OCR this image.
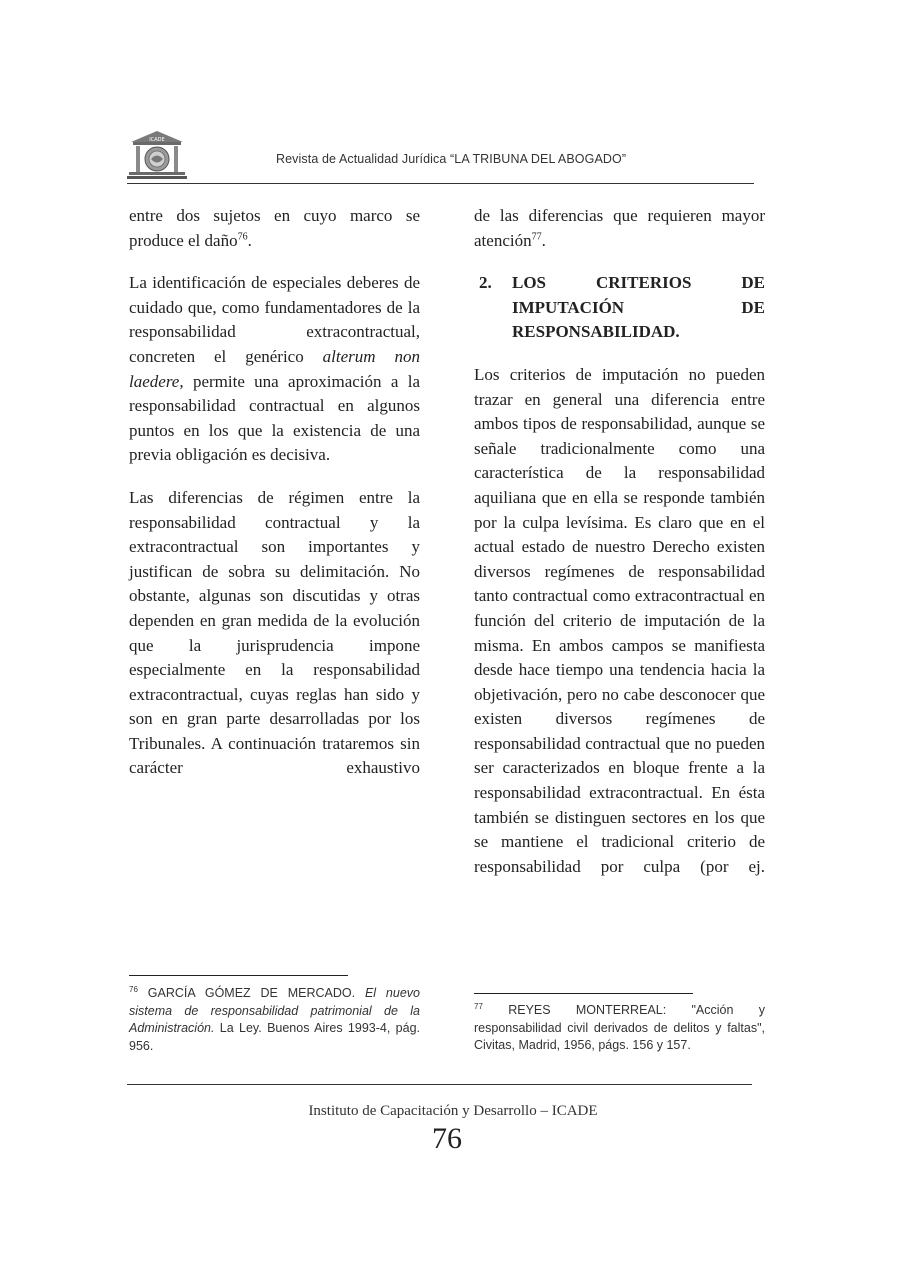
ICADE
Revista de Actualidad Jurídica “LA TRIBUNA DEL ABOGADO”

entre dos sujetos en cuyo marco se produce el daño$^{76}$.

La identificación de especiales deberes de cuidado que, como fundamentadores de la responsabilidad extracontractual, concreten el genérico alterum non laedere, permite una aproximación a la responsabilidad contractual en algunos puntos en los que la existencia de una previa obligación es decisiva.

Las diferencias de régimen entre la responsabilidad contractual y la extracontractual son importantes y justifican de sobra su delimitación. No obstante, algunas son discutidas y otras dependen en gran medida de la evolución que la jurisprudencia impone especialmente en la responsabilidad extracontractual, cuyas reglas han sido y son en gran parte desarrolladas por los Tribunales. A continuación trataremos sin carácter exhaustivo

de las diferencias que requieren mayor atención$^{77}$.

2.	LOS CRITERIOS DE
IMPUTACIÓN DE
RESPONSABILIDAD.

Los criterios de imputación no pueden trazar en general una diferencia entre ambos tipos de responsabilidad, aunque se señale tradicionalmente como una característica de la responsabilidad aquiliana que en ella se responde también por la culpa levísima. Es claro que en el actual estado de nuestro Derecho existen diversos regímenes de responsabilidad tanto contractual como extracontractual en función del criterio de imputación de la misma. En ambos campos se manifiesta desde hace tiempo una tendencia hacia la objetivación, pero no cabe desconocer que existen diversos regímenes de responsabilidad contractual que no pueden ser caracterizados en bloque frente a la responsabilidad extracontractual. En ésta también se distinguen sectores en los que se mantiene el tradicional criterio de responsabilidad por culpa (por ej.

$^{76}$ GARCÍA GÓMEZ DE MERCADO. El nuevo sistema de responsabilidad patrimonial de la Administración. La Ley. Buenos Aires 1993-4, pág. 956.
$^{77}$ REYES MONTERREAL: "Acción y responsabilidad civil derivados de delitos y faltas", Civitas, Madrid, 1956, págs. 156 y 157.
Instituto de Capacitación y Desarrollo – ICADE
76
